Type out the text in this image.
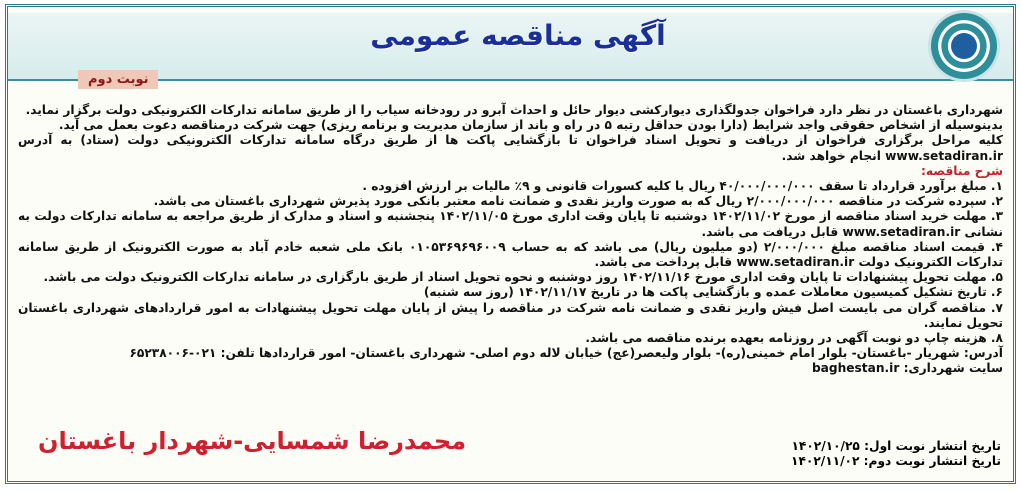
آگهی مناقصه عمومی
نوبت دوم

شهرداری باغستان در نظر دارد فراخوان جدولگذاری دیوارکشی دیوار حائل و احداث آبرو در رودخانه سیاب را از طریق سامانه تدارکات الکترونیکی دولت برگزار نماید.

بدینوسیله از اشخاص حقوقی واجد شرایط (دارا بودن حداقل رتبه ۵ در راه و باند از سازمان مدیریت و برنامه ریزی) جهت شرکت درمناقصه دعوت بعمل می آید.

کلیه مراحل برگزاری فراخوان از دریافت و تحویل اسناد فراخوان تا بازگشایی پاکت ها از طریق درگاه سامانه تدارکات الکترونیکی دولت (ستاد) به آدرس www.setadiran.ir انجام خواهد شد.

شرح مناقصه:

۱. مبلغ برآورد قرارداد تا سقف ۴۰/۰۰۰/۰۰۰/۰۰۰ ریال با کلیه کسورات قانونی و ۹٪ مالیات بر ارزش افزوده .
۲. سپرده شرکت در مناقصه ۲/۰۰۰/۰۰۰/۰۰۰ ریال که به صورت واریز نقدی و ضمانت نامه معتبر بانکی مورد پذیرش شهرداری باغستان می باشد.
۳. مهلت خرید اسناد مناقصه از مورخ ۱۴۰۲/۱۱/۰۲ دوشنبه تا پایان وقت اداری مورخ ۱۴۰۲/۱۱/۰۵ پنجشنبه و اسناد و مدارک از طریق مراجعه به سامانه تدارکات دولت به نشانی www.setadiran.ir قابل دریافت می باشد.
۴. قیمت اسناد مناقصه مبلغ ۲/۰۰۰/۰۰۰ (دو میلیون ریال) می باشد که به حساب ۰۱۰۵۳۶۹۶۹۶۰۰۹ بانک ملی شعبه خادم آباد به صورت الکترونیک از طریق سامانه تدارکات الکترونیک دولت www.setadiran.ir قابل پرداخت می باشد.
۵. مهلت تحویل پیشنهادات تا پایان وقت اداری مورخ ۱۴۰۲/۱۱/۱۶ روز دوشنبه و نحوه تحویل اسناد از طریق بارگزاری در سامانه تدارکات الکترونیک دولت می باشد.
۶. تاریخ تشکیل کمیسیون معاملات عمده و بازگشایی پاکت ها در تاریخ ۱۴۰۲/۱۱/۱۷ (روز سه شنبه)
۷. مناقصه گران می بایست اصل فیش واریز نقدی و ضمانت نامه شرکت در مناقصه را پیش از پایان مهلت تحویل پیشنهادات به امور قراردادهای شهرداری باغستان تحویل نمایند.
۸. هزینه چاپ دو نوبت آگهی در روزنامه بعهده برنده مناقصه می باشد.

آدرس: شهریار -باغستان- بلوار امام خمینی(ره)- بلوار ولیعصر(عج) خیابان لاله دوم اصلی- شهرداری باغستان- امور قراردادها تلفن: ۰۲۱-۶۵۲۳۸۰۰۶

سایت شهرداری: baghestan.ir

تاریخ انتشار نوبت اول: ۱۴۰۲/۱۰/۲۵
تاریخ انتشار نوبت دوم: ۱۴۰۲/۱۱/۰۲
محمدرضا شمسایی-شهردار باغستان
